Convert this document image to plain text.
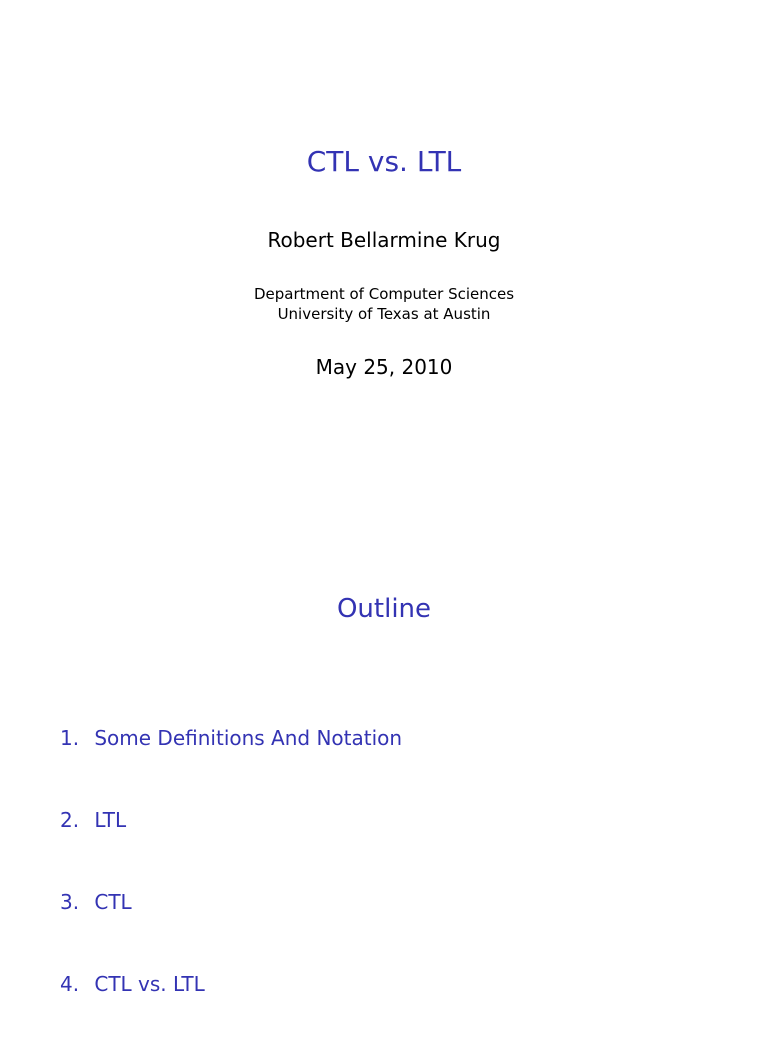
CTL vs. LTL
Robert Bellarmine Krug
Department of Computer Sciences
University of Texas at Austin
May 25, 2010
Outline
1. Some Definitions And Notation
2. LTL
3. CTL
4. CTL vs. LTL
